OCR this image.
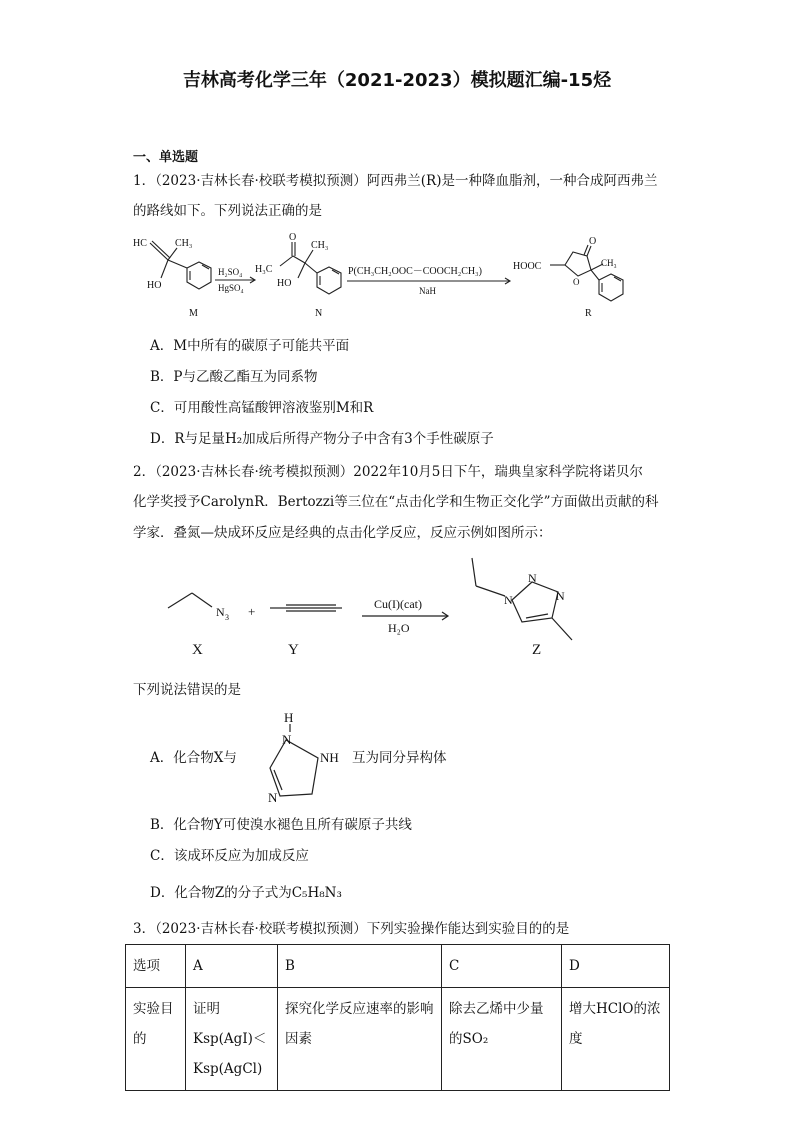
吉林高考化学三年（2021-2023）模拟题汇编-15烃
一、单选题
1．（2023·吉林长春·校联考模拟预测）阿西弗兰(R)是一种降血脂剂，一种合成阿西弗兰
的路线如下。下列说法正确的是
HC	CH₃
HO
M
H₂SO₄
HgSO₄
O
CH₃
H₃C
HO
N
P(CH₃CH₂OOC－COOCH₂CH₃)
NaH
HOOC
O
O
CH₃
R
A．M中所有的碳原子可能共平面
B．P与乙酸乙酯互为同系物
C．可用酸性高锰酸钾溶液鉴别M和R
D．R与足量H₂加成后所得产物分子中含有3个手性碳原子
2．（2023·吉林长春·统考模拟预测）2022年10月5日下午，瑞典皇家科学院将诺贝尔
化学奖授予CarolynR．Bertozzi等三位在“点击化学和生物正交化学”方面做出贡献的科
学家．叠氮—炔成环反应是经典的点击化学反应，反应示例如图所示：
N 3 +
X	Y
Cu(I)(cat)
H₂O
N
N
N
Z
下列说法错误的是
A．化合物X与
H
N
NH
N
互为同分异构体
B．化合物Y可使溴水褪色且所有碳原子共线
C．该成环反应为加成反应
D．化合物Z的分子式为C₅H₈N₃
3．（2023·吉林长春·校联考模拟预测）下列实验操作能达到实验目的的是
选项	A	B	C	D
实验目的	证明Ksp(AgI)＜Ksp(AgCl)	探究化学反应速率的影响因素	除去乙烯中少量的SO₂	增大HClO的浓度
